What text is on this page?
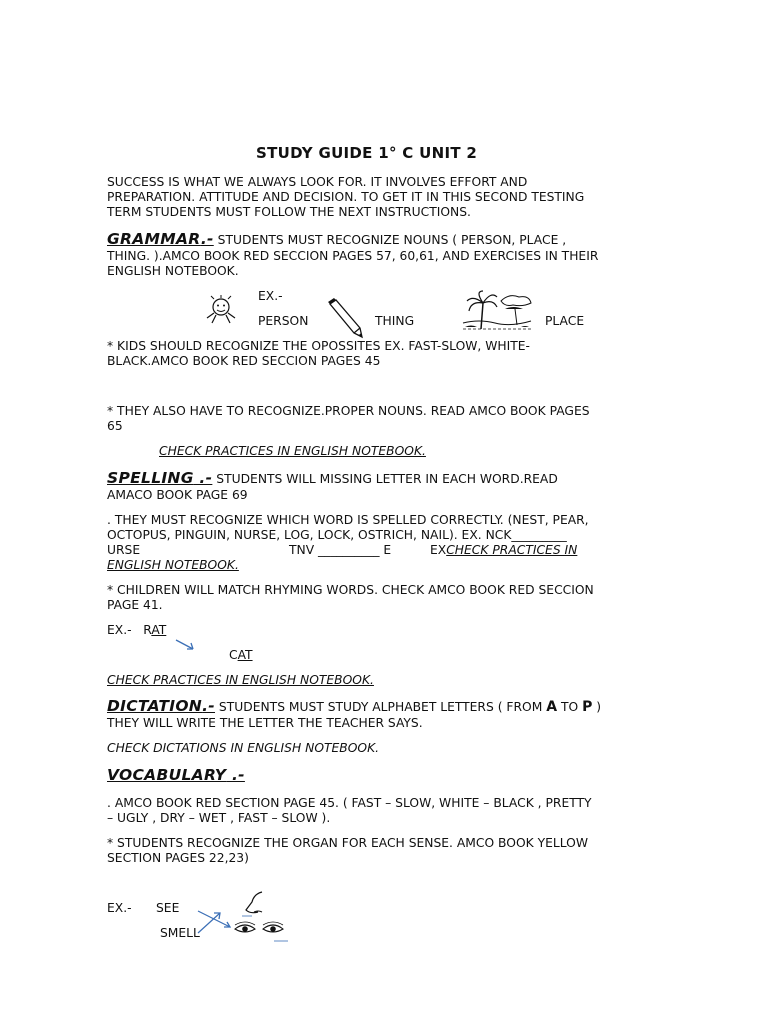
STUDY GUIDE 1° C UNIT 2
SUCCESS IS WHAT WE ALWAYS LOOK FOR. IT INVOLVES EFFORT AND
PREPARATION. ATTITUDE AND DECISION. TO GET IT IN THIS SECOND TESTING
TERM STUDENTS MUST FOLLOW THE NEXT INSTRUCTIONS.
GRAMMAR.- STUDENTS MUST RECOGNIZE NOUNS ( PERSON, PLACE ,
THING. ).AMCO BOOK RED SECCION PAGES 57, 60,61, AND EXERCISES IN THEIR
ENGLISH NOTEBOOK.
EX.-
PERSON	THING	PLACE
* KIDS SHOULD RECOGNIZE THE OPOSSITES EX. FAST-SLOW, WHITE-
BLACK.AMCO BOOK RED SECCION PAGES 45
* THEY ALSO HAVE TO RECOGNIZE.PROPER NOUNS. READ AMCO BOOK PAGES
65
CHECK PRACTICES IN ENGLISH NOTEBOOK.
SPELLING .- STUDENTS WILL MISSING LETTER IN EACH WORD.READ
AMACO BOOK PAGE 69
. THEY MUST RECOGNIZE WHICH WORD IS SPELLED CORRECTLY. (NEST, PEAR,
OCTOPUS, PINGUIN, NURSE, LOG, LOCK, OSTRICH, NAIL). EX. NCK_________
URSE	TNV __________ E	EXCHECK PRACTICES IN
ENGLISH NOTEBOOK.
* CHILDREN WILL MATCH RHYMING WORDS. CHECK AMCO BOOK RED SECCION
PAGE 41.
EX.-   RAT
CAT
CHECK PRACTICES IN ENGLISH NOTEBOOK.
DICTATION.- STUDENTS MUST STUDY ALPHABET LETTERS ( FROM A TO P )
THEY WILL WRITE THE LETTER THE TEACHER SAYS.
CHECK DICTATIONS IN ENGLISH NOTEBOOK.
VOCABULARY .-
. AMCO BOOK RED SECTION PAGE 45. ( FAST – SLOW, WHITE – BLACK , PRETTY
– UGLY , DRY – WET , FAST – SLOW ).
* STUDENTS RECOGNIZE THE ORGAN FOR EACH SENSE. AMCO BOOK YELLOW
SECTION PAGES 22,23)
EX.- SEE
SMELL
